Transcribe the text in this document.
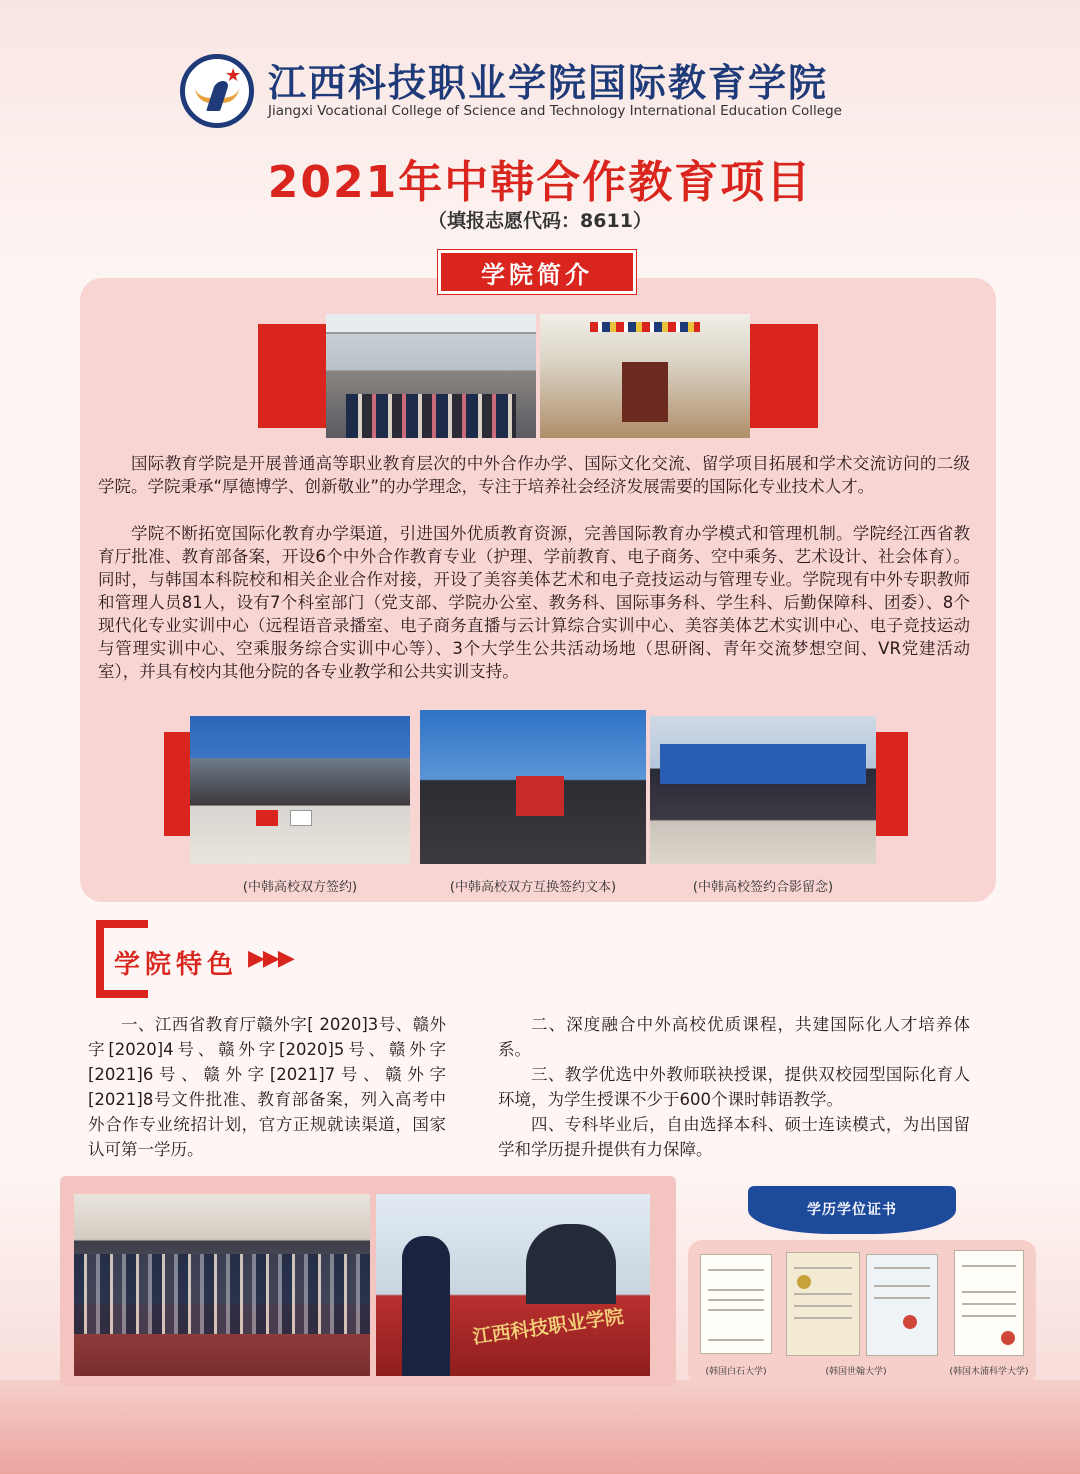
★ 江西科技职业学院国际教育学院
Jiangxi Vocational College of Science and Technology International Education College
2021年中韩合作教育项目
（填报志愿代码：8611）
学院简介

国际教育学院是开展普通高等职业教育层次的中外合作办学、国际文化交流、留学项目拓展和学术交流访问的二级学院。学院秉承“厚德博学、创新敬业”的办学理念，专注于培养社会经济发展需要的国际化专业技术人才。

学院不断拓宽国际化教育办学渠道，引进国外优质教育资源，完善国际教育办学模式和管理机制。学院经江西省教育厅批准、教育部备案，开设6个中外合作教育专业（护理、学前教育、电子商务、空中乘务、艺术设计、社会体育）。同时，与韩国本科院校和相关企业合作对接，开设了美容美体艺术和电子竞技运动与管理专业。学院现有中外专职教师和管理人员81人，设有7个科室部门（党支部、学院办公室、教务科、国际事务科、学生科、后勤保障科、团委）、8个现代化专业实训中心（远程语音录播室、电子商务直播与云计算综合实训中心、美容美体艺术实训中心、电子竞技运动与管理实训中心、空乘服务综合实训中心等）、3个大学生公共活动场地（思研阁、青年交流梦想空间、VR党建活动室），并具有校内其他分院的各专业教学和公共实训支持。

(中韩高校双方签约)	(中韩高校双方互换签约文本)	(中韩高校签约合影留念)
学院特色 ▶▶▶

一、江西省教育厅赣外字[ 2020]3号、赣外字[2020]4号、赣外字[2020]5号、赣外字[2021]6号、赣外字[2021]7号、赣外字[2021]8号文件批准、教育部备案，列入高考中外合作专业统招计划，官方正规就读渠道，国家认可第一学历。

二、深度融合中外高校优质课程，共建国际化人才培养体系。

三、教学优选中外教师联袂授课，提供双校园型国际化育人环境，为学生授课不少于600个课时韩语教学。

四、专科毕业后，自由选择本科、硕士连读模式，为出国留学和学历提升提供有力保障。

江西科技职业学院
学历学位证书
(韩国白石大学)	(韩国世翰大学)	(韩国木浦科学大学)
